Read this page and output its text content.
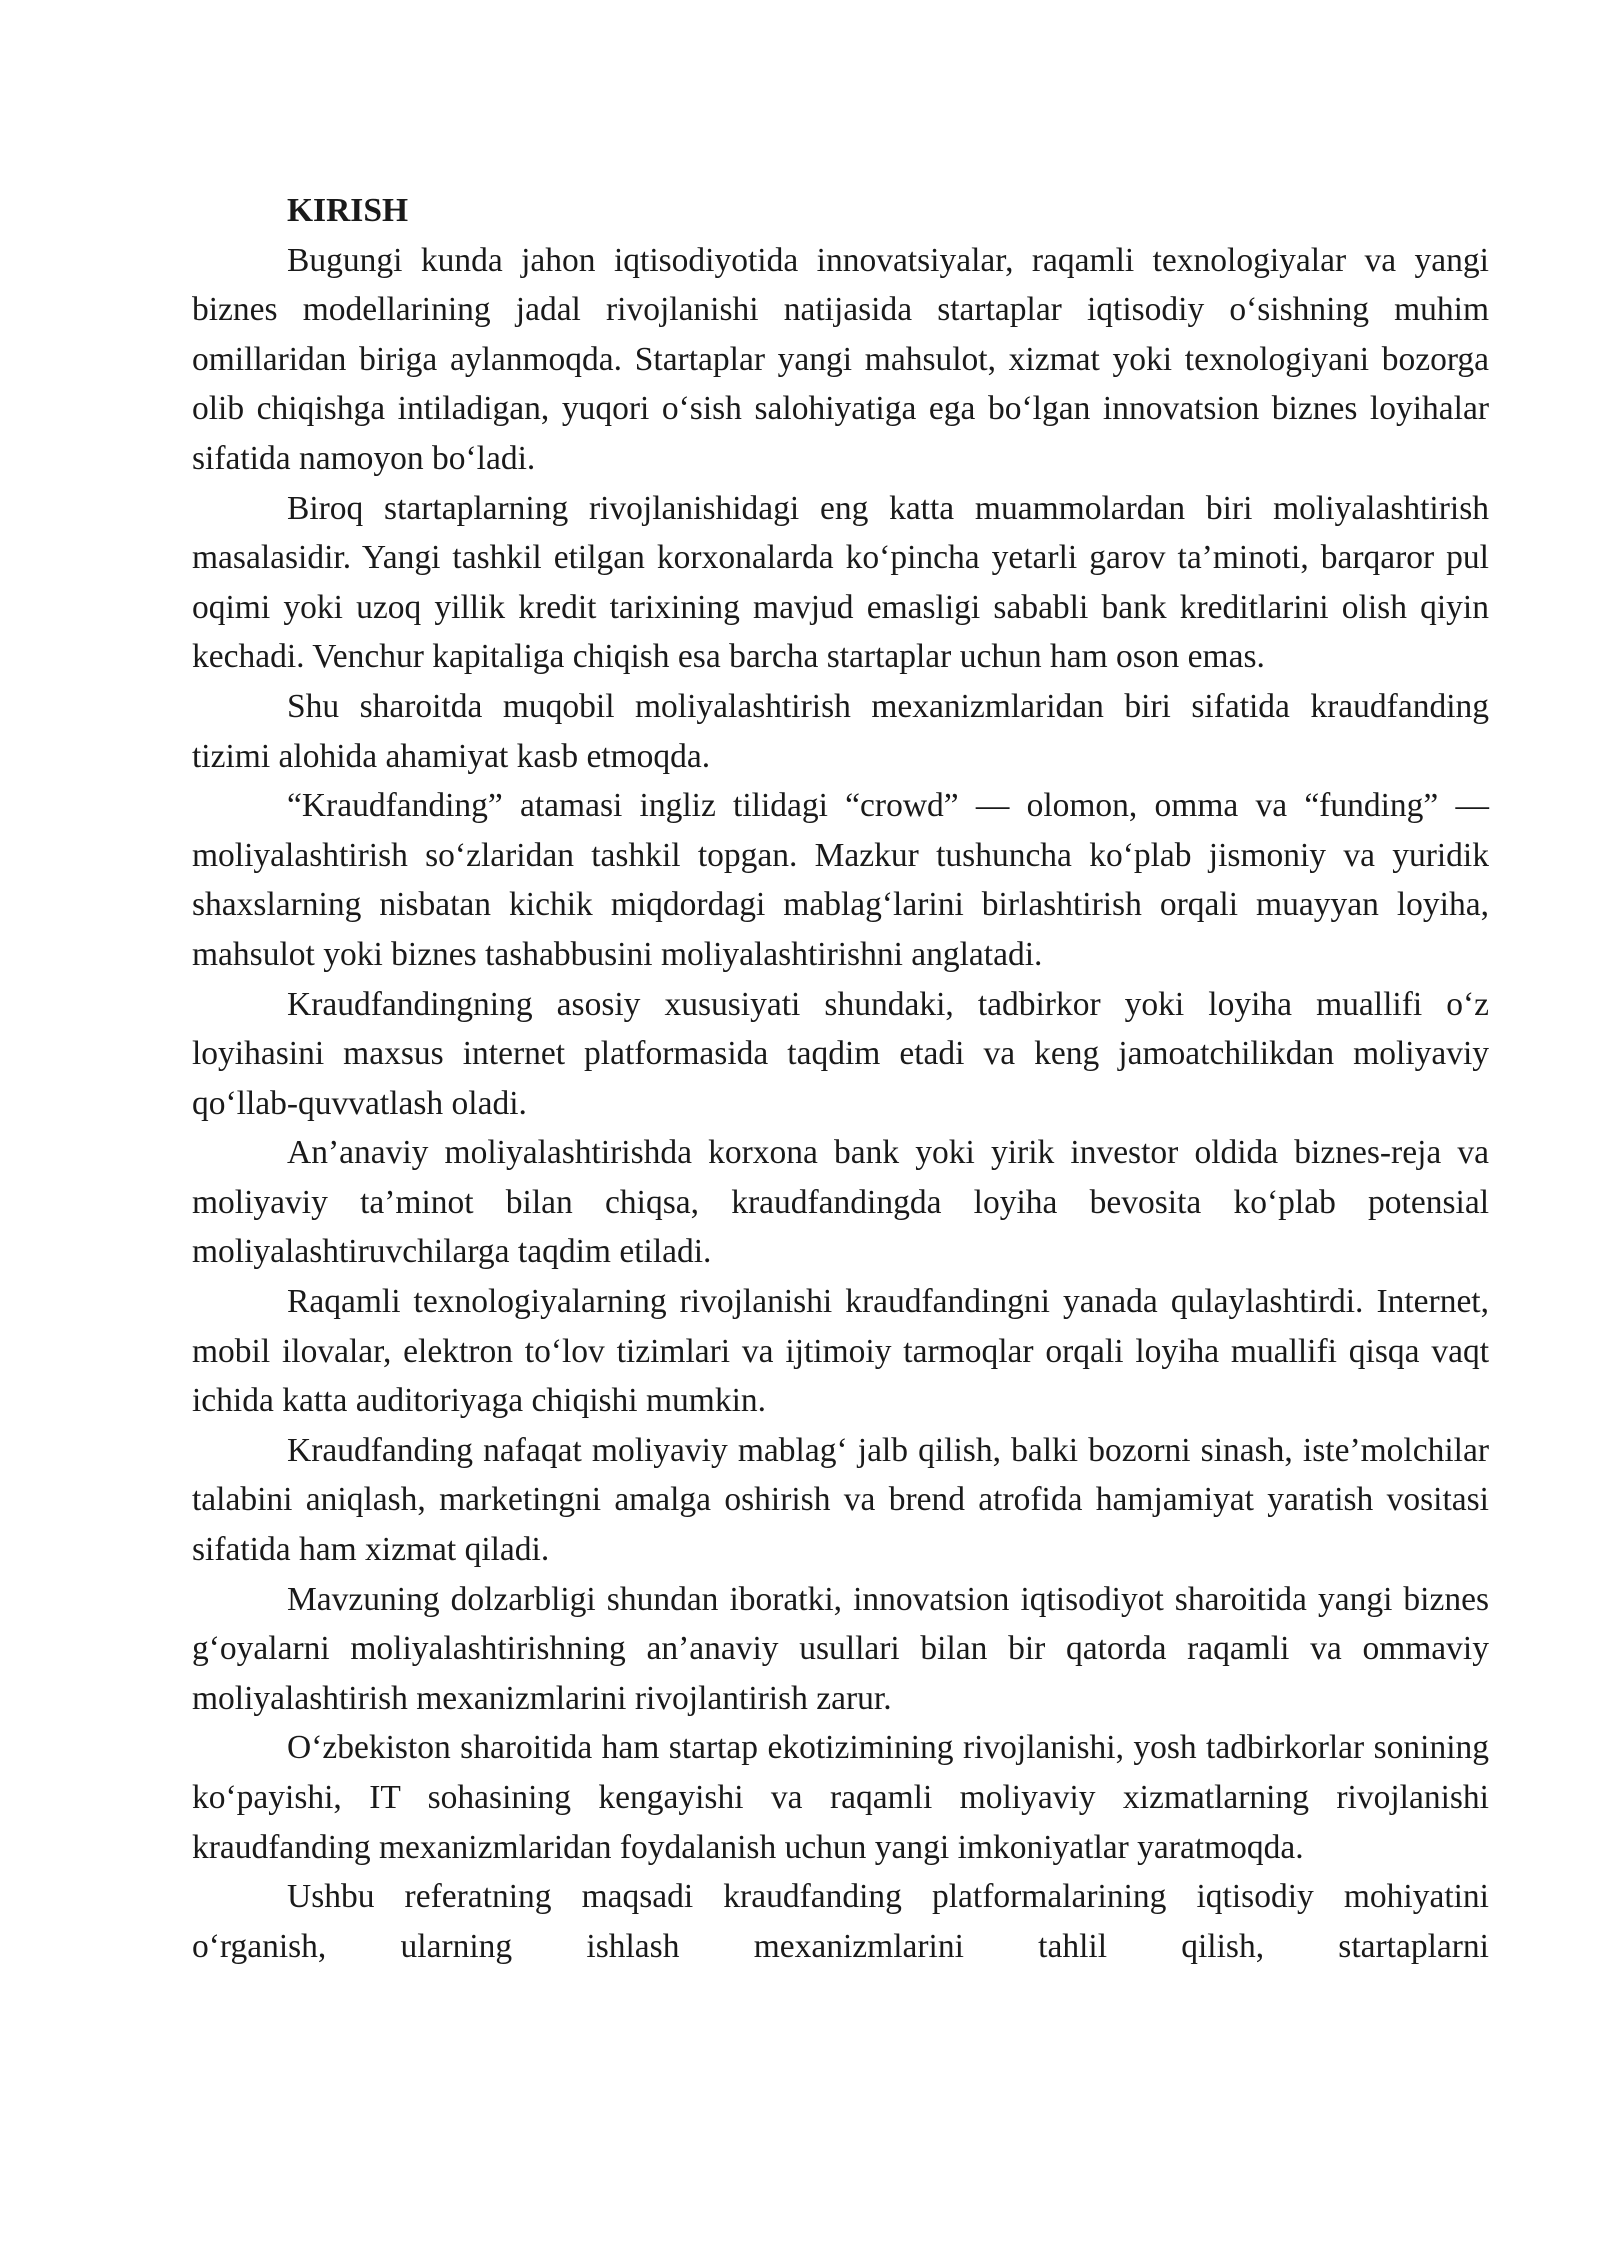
KIRISH

Bugungi kunda jahon iqtisodiyotida innovatsiyalar, raqamli texnologiyalar va yangi biznes modellarining jadal rivojlanishi natijasida startaplar iqtisodiy o‘sishning muhim omillaridan biriga aylanmoqda. Startaplar yangi mahsulot, xizmat yoki texnologiyani bozorga olib chiqishga intiladigan, yuqori o‘sish salohiyatiga ega bo‘lgan innovatsion biznes loyihalar sifatida namoyon bo‘ladi.

Biroq startaplarning rivojlanishidagi eng katta muammolardan biri moliyalashtirish masalasidir. Yangi tashkil etilgan korxonalarda ko‘pincha yetarli garov ta’minoti, barqaror pul oqimi yoki uzoq yillik kredit tarixining mavjud emasligi sababli bank kreditlarini olish qiyin kechadi. Venchur kapitaliga chiqish esa barcha startaplar uchun ham oson emas.

Shu sharoitda muqobil moliyalashtirish mexanizmlaridan biri sifatida kraudfanding tizimi alohida ahamiyat kasb etmoqda.

“Kraudfanding” atamasi ingliz tilidagi “crowd” — olomon, omma va “funding” — moliyalashtirish so‘zlaridan tashkil topgan. Mazkur tushuncha ko‘plab jismoniy va yuridik shaxslarning nisbatan kichik miqdordagi mablag‘larini birlashtirish orqali muayyan loyiha, mahsulot yoki biznes tashabbusini moliyalashtirishni anglatadi.

Kraudfandingning asosiy xususiyati shundaki, tadbirkor yoki loyiha muallifi o‘z loyihasini maxsus internet platformasida taqdim etadi va keng jamoatchilikdan moliyaviy qo‘llab-quvvatlash oladi.

An’anaviy moliyalashtirishda korxona bank yoki yirik investor oldida biznes-reja va moliyaviy ta’minot bilan chiqsa, kraudfandingda loyiha bevosita ko‘plab potensial moliyalashtiruvchilarga taqdim etiladi.

Raqamli texnologiyalarning rivojlanishi kraudfandingni yanada qulaylashtirdi. Internet, mobil ilovalar, elektron to‘lov tizimlari va ijtimoiy tarmoqlar orqali loyiha muallifi qisqa vaqt ichida katta auditoriyaga chiqishi mumkin.

Kraudfanding nafaqat moliyaviy mablag‘ jalb qilish, balki bozorni sinash, iste’molchilar talabini aniqlash, marketingni amalga oshirish va brend atrofida hamjamiyat yaratish vositasi sifatida ham xizmat qiladi.

Mavzuning dolzarbligi shundan iboratki, innovatsion iqtisodiyot sharoitida yangi biznes g‘oyalarni moliyalashtirishning an’anaviy usullari bilan bir qatorda raqamli va ommaviy moliyalashtirish mexanizmlarini rivojlantirish zarur.

O‘zbekiston sharoitida ham startap ekotizimining rivojlanishi, yosh tadbirkorlar sonining ko‘payishi, IT sohasining kengayishi va raqamli moliyaviy xizmatlarning rivojlanishi kraudfanding mexanizmlaridan foydalanish uchun yangi imkoniyatlar yaratmoqda.

Ushbu referatning maqsadi kraudfanding platformalarining iqtisodiy mohiyatini o‘rganish, ularning ishlash mexanizmlarini tahlil qilish, startaplarni
